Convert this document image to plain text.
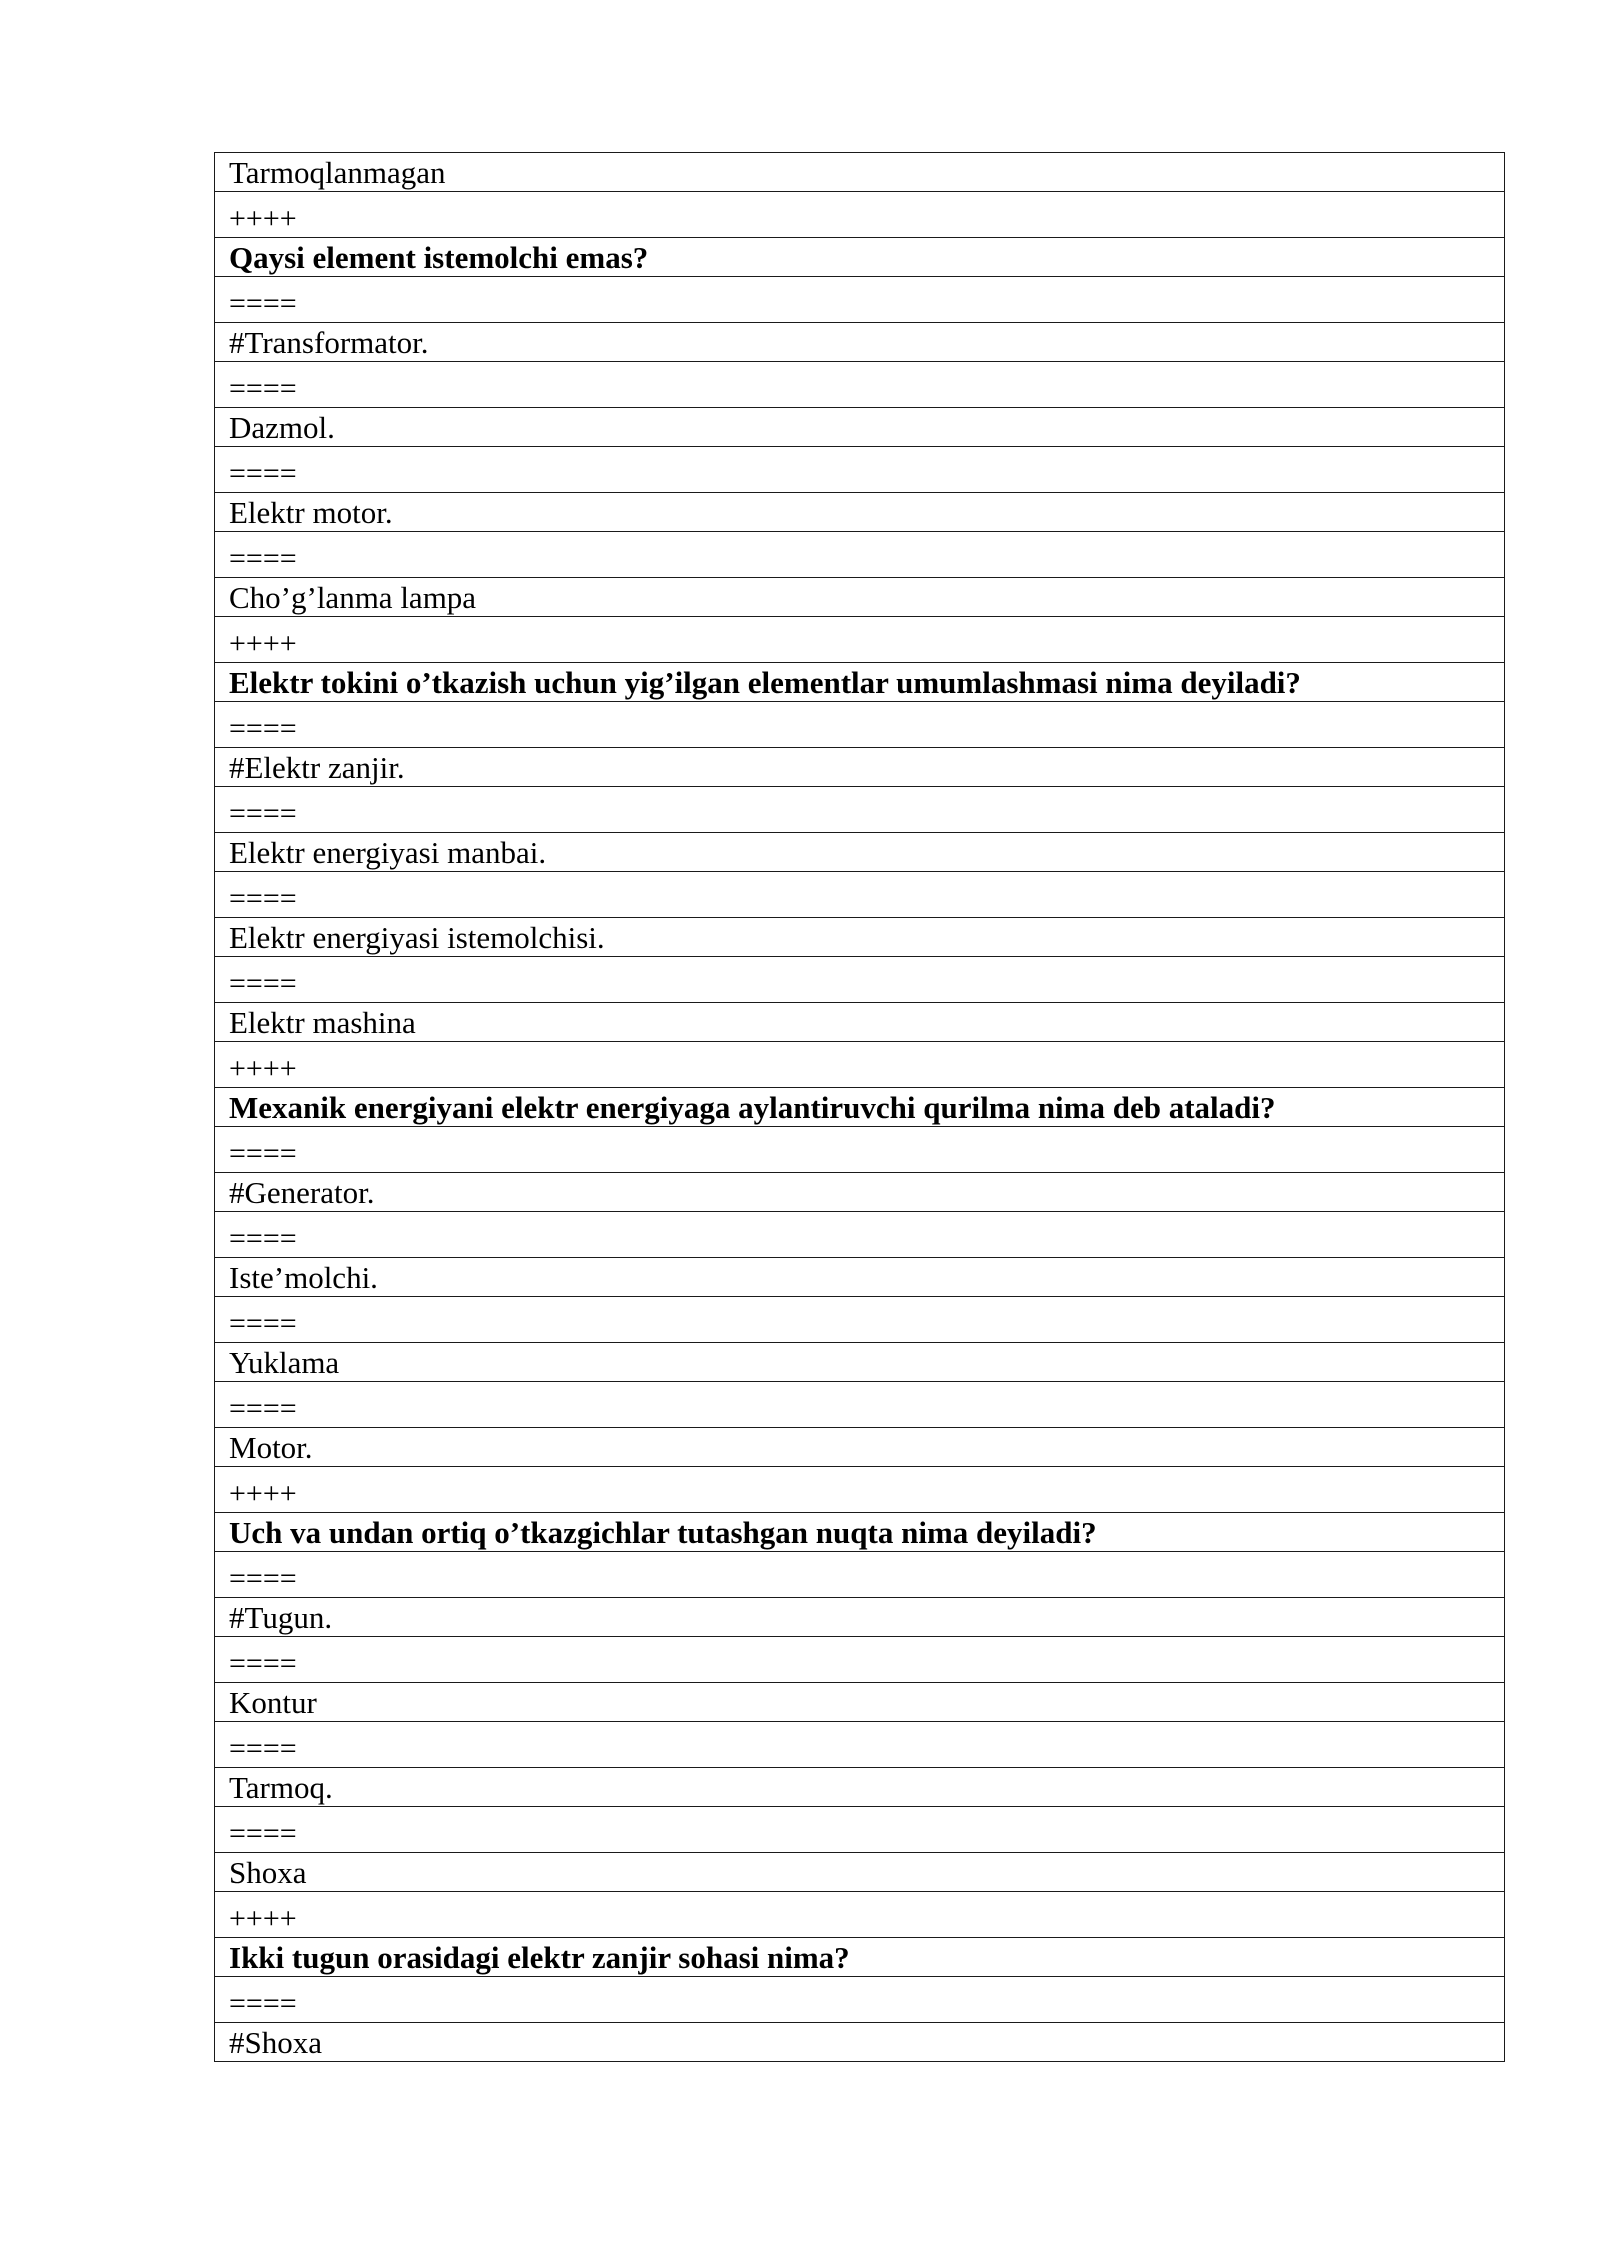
Tarmoqlanmagan
++++
Qaysi element istemolchi emas?
====
#Transformator.
====
Dazmol.
====
Elektr motor.
====
Cho’g’lanma lampa
++++
Elektr tokini o’tkazish uchun yig’ilgan elementlar umumlashmasi nima deyiladi?
====
#Elektr zanjir.
====
Elektr energiyasi manbai.
====
Elektr energiyasi istemolchisi.
====
Elektr mashina
++++
Mexanik energiyani elektr energiyaga aylantiruvchi qurilma nima deb ataladi?
====
#Generator.
====
Iste’molchi.
====
Yuklama
====
Motor.
++++
Uch va undan ortiq o’tkazgichlar tutashgan nuqta nima deyiladi?
====
#Tugun.
====
Kontur
====
Tarmoq.
====
Shoxa
++++
Ikki tugun orasidagi elektr zanjir sohasi nima?
====
#Shoxa
